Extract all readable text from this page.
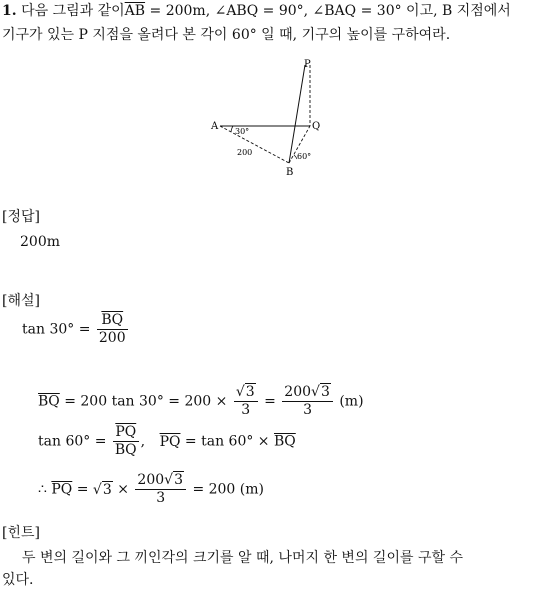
1. 다음 그림과 같이$\overline{AB} = 200m$, ∠ABQ = 90°, ∠BAQ = 30° 이고, B 지점에서
기구가 있는 P 지점을 올려다 본 각이 60° 일 때, 기구의 높이를 구하여라.
P
A	Q
B
30°
60°
200
[정답]
200m
[해설]
$\tan 30^\circ = \frac{\overline{BQ}}{200}$
$\overline{BQ} = 200$ $\tan 30^\circ = 200 \times \frac{√3}{3} = \frac{200√3}{3} (m)$
$\tan 60^\circ = \frac{\overline{PQ}}{BQ}$ , $\overline{PQ} = \tan 60^\circ \times \overline{BQ}$
∴ $\overline{PQ} = √3 \times \frac{200√3}{3} = 200$ (m)
[힌트]
두 변의 길이와 그 끼인각의 크기를 알 때, 나머지 한 변의 길이를 구할 수
있다.
